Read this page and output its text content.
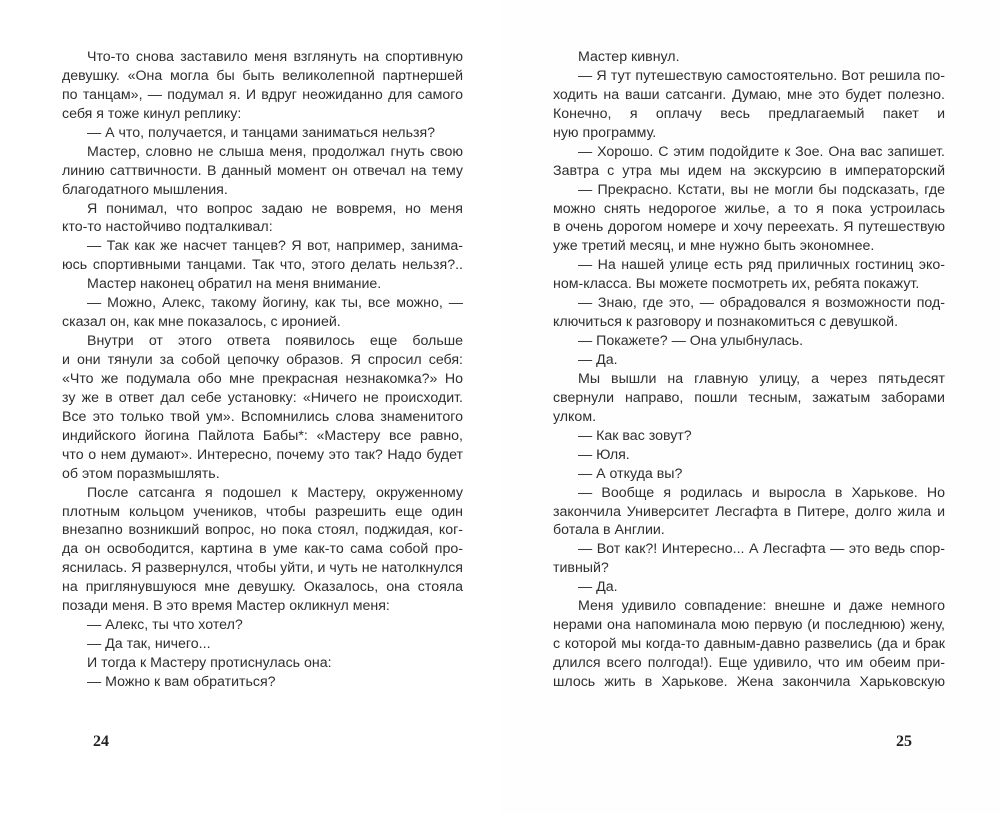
Что-то снова заставило меня взглянуть на спортивную
девушку. «Она могла бы быть великолепной партнершей
по танцам», — подумал я. И вдруг неожиданно для самого
себя я тоже кинул реплику:
— А что, получается, и танцами заниматься нельзя?
Мастер, словно не слыша меня, продолжал гнуть свою
линию саттвичности. В данный момент он отвечал на тему
благодатного мышления.
Я понимал, что вопрос задаю не вовремя, но меня
кто-то настойчиво подталкивал:
— Так как же насчет танцев? Я вот, например, занима-
юсь спортивными танцами. Так что, этого делать нельзя?..
Мастер наконец обратил на меня внимание.
— Можно, Алекс, такому йогину, как ты, все можно, —
сказал он, как мне показалось, с иронией.
Внутри от этого ответа появилось еще больше
и они тянули за собой цепочку образов. Я спросил себя:
«Что же подумала обо мне прекрасная незнакомка?» Но
зу же в ответ дал себе установку: «Ничего не происходит.
Все это только твой ум». Вспомнились слова знаменитого
индийского йогина Пайлота Бабы*: «Мастеру все равно,
что о нем думают». Интересно, почему это так? Надо будет
об этом поразмышлять.
После сатсанга я подошел к Мастеру, окруженному
плотным кольцом учеников, чтобы разрешить еще один
внезапно возникший вопрос, но пока стоял, поджидая, ког-
да он освободится, картина в уме как-то сама собой про-
яснилась. Я развернулся, чтобы уйти, и чуть не натолкнулся
на приглянувшуюся мне девушку. Оказалось, она стояла
позади меня. В это время Мастер окликнул меня:
— Алекс, ты что хотел?
— Да так, ничего...
И тогда к Мастеру протиснулась она:
— Можно к вам обратиться?
24
Мастер кивнул.
— Я тут путешествую самостоятельно. Вот решила по-
ходить на ваши сатсанги. Думаю, мне это будет полезно.
Конечно, я оплачу весь предлагаемый пакет и
ную программу.
— Хорошо. С этим подойдите к Зое. Она вас запишет.
Завтра с утра мы идем на экскурсию в императорский
— Прекрасно. Кстати, вы не могли бы подсказать, где
можно снять недорогое жилье, а то я пока устроилась
в очень дорогом номере и хочу переехать. Я путешествую
уже третий месяц, и мне нужно быть экономнее.
— На нашей улице есть ряд приличных гостиниц эко-
ном-класса. Вы можете посмотреть их, ребята покажут.
— Знаю, где это, — обрадовался я возможности под-
ключиться к разговору и познакомиться с девушкой.
— Покажете? — Она улыбнулась.
— Да.
Мы вышли на главную улицу, а через пятьдесят
свернули направо, пошли тесным, зажатым заборами
улком.
— Как вас зовут?
— Юля.
— А откуда вы?
— Вообще я родилась и выросла в Харькове. Но
закончила Университет Лесгафта в Питере, долго жила и
ботала в Англии.
— Вот как?! Интересно... А Лесгафта — это ведь спор-
тивный?
— Да.
Меня удивило совпадение: внешне и даже немного
нерами она напоминала мою первую (и последнюю) жену,
с которой мы когда-то давным-давно развелись (да и брак
длился всего полгода!). Еще удивило, что им обеим при-
шлось жить в Харькове. Жена закончила Харьковскую
25
